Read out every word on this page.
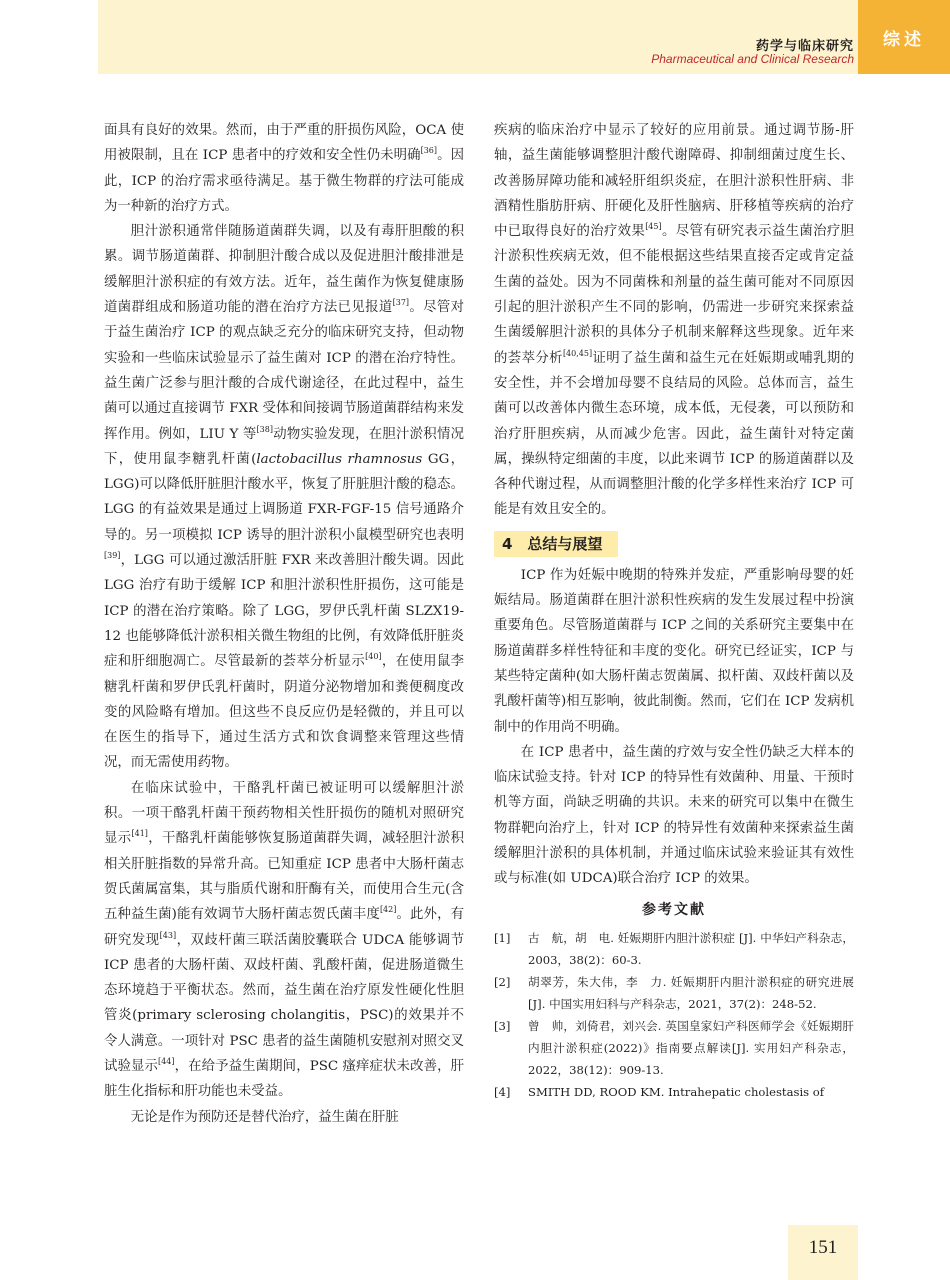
药学与临床研究
Pharmaceutical and Clinical Research
综述

面具有良好的效果。然而，由于严重的肝损伤风险，OCA 使用被限制，且在 ICP 患者中的疗效和安全性仍未明确[36]。因此，ICP 的治疗需求亟待满足。基于微生物群的疗法可能成为一种新的治疗方式。

胆汁淤积通常伴随肠道菌群失调，以及有毒肝胆酸的积累。调节肠道菌群、抑制胆汁酸合成以及促进胆汁酸排泄是缓解胆汁淤积症的有效方法。近年，益生菌作为恢复健康肠道菌群组成和肠道功能的潜在治疗方法已见报道[37]。尽管对于益生菌治疗 ICP 的观点缺乏充分的临床研究支持，但动物实验和一些临床试验显示了益生菌对 ICP 的潜在治疗特性。益生菌广泛参与胆汁酸的合成代谢途径，在此过程中，益生菌可以通过直接调节 FXR 受体和间接调节肠道菌群结构来发挥作用。例如，LIU Y 等[38]动物实验发现，在胆汁淤积情况下，使用鼠李糖乳杆菌(lactobacillus rhamnosus GG，LGG)可以降低肝脏胆汁酸水平，恢复了肝脏胆汁酸的稳态。LGG 的有益效果是通过上调肠道 FXR-FGF-15 信号通路介导的。另一项模拟 ICP 诱导的胆汁淤积小鼠模型研究也表明[39]，LGG 可以通过激活肝脏 FXR 来改善胆汁酸失调。因此 LGG 治疗有助于缓解 ICP 和胆汁淤积性肝损伤，这可能是 ICP 的潜在治疗策略。除了 LGG，罗伊氏乳杆菌 SLZX19-12 也能够降低汁淤积相关微生物组的比例，有效降低肝脏炎症和肝细胞凋亡。尽管最新的荟萃分析显示[40]，在使用鼠李糖乳杆菌和罗伊氏乳杆菌时，阴道分泌物增加和粪便稠度改变的风险略有增加。但这些不良反应仍是轻微的，并且可以在医生的指导下，通过生活方式和饮食调整来管理这些情况，而无需使用药物。

在临床试验中，干酪乳杆菌已被证明可以缓解胆汁淤积。一项干酪乳杆菌干预药物相关性肝损伤的随机对照研究显示[41]，干酪乳杆菌能够恢复肠道菌群失调，减轻胆汁淤积相关肝脏指数的异常升高。已知重症 ICP 患者中大肠杆菌志贺氏菌属富集，其与脂质代谢和肝酶有关，而使用合生元(含五种益生菌)能有效调节大肠杆菌志贺氏菌丰度[42]。此外，有研究发现[43]，双歧杆菌三联活菌胶囊联合 UDCA 能够调节 ICP 患者的大肠杆菌、双歧杆菌、乳酸杆菌，促进肠道微生态环境趋于平衡状态。然而，益生菌在治疗原发性硬化性胆管炎(primary sclerosing cholangitis，PSC)的效果并不令人满意。一项针对 PSC 患者的益生菌随机安慰剂对照交叉试验显示[44]，在给予益生菌期间，PSC 瘙痒症状未改善，肝脏生化指标和肝功能也未受益。

无论是作为预防还是替代治疗，益生菌在肝脏

疾病的临床治疗中显示了较好的应用前景。通过调节肠-肝轴，益生菌能够调整胆汁酸代谢障碍、抑制细菌过度生长、改善肠屏障功能和减轻肝组织炎症，在胆汁淤积性肝病、非酒精性脂肪肝病、肝硬化及肝性脑病、肝移植等疾病的治疗中已取得良好的治疗效果[45]。尽管有研究表示益生菌治疗胆汁淤积性疾病无效，但不能根据这些结果直接否定或肯定益生菌的益处。因为不同菌株和剂量的益生菌可能对不同原因引起的胆汁淤积产生不同的影响，仍需进一步研究来探索益生菌缓解胆汁淤积的具体分子机制来解释这些现象。近年来的荟萃分析[40,45]证明了益生菌和益生元在妊娠期或哺乳期的安全性，并不会增加母婴不良结局的风险。总体而言，益生菌可以改善体内微生态环境，成本低，无侵袭，可以预防和治疗肝胆疾病，从而减少危害。因此，益生菌针对特定菌属，操纵特定细菌的丰度，以此来调节 ICP 的肠道菌群以及各种代谢过程，从而调整胆汁酸的化学多样性来治疗 ICP 可能是有效且安全的。

4　总结与展望

ICP 作为妊娠中晚期的特殊并发症，严重影响母婴的妊娠结局。肠道菌群在胆汁淤积性疾病的发生发展过程中扮演重要角色。尽管肠道菌群与 ICP 之间的关系研究主要集中在肠道菌群多样性特征和丰度的变化。研究已经证实，ICP 与某些特定菌种(如大肠杆菌志贺菌属、拟杆菌、双歧杆菌以及乳酸杆菌等)相互影响，彼此制衡。然而，它们在 ICP 发病机制中的作用尚不明确。

在 ICP 患者中，益生菌的疗效与安全性仍缺乏大样本的临床试验支持。针对 ICP 的特异性有效菌种、用量、干预时机等方面，尚缺乏明确的共识。未来的研究可以集中在微生物群靶向治疗上，针对 ICP 的特异性有效菌种来探索益生菌缓解胆汁淤积的具体机制，并通过临床试验来验证其有效性或与标准(如 UDCA)联合治疗 ICP 的效果。

参考文献
[1] 古　航，胡　电. 妊娠期肝内胆汁淤积症 [J]. 中华妇产科杂志，2003，38(2)：60-3.
[2] 胡翠芳，朱大伟，李　力. 妊娠期肝内胆汁淤积症的研究进展 [J]. 中国实用妇科与产科杂志，2021，37(2)：248-52.
[3] 曾　帅，刘倚君，刘兴会. 英国皇家妇产科医师学会《妊娠期肝内胆汁淤积症(2022)》指南要点解读[J]. 实用妇产科杂志，2022，38(12)：909-13.
[4] SMITH DD, ROOD KM. Intrahepatic cholestasis of
151
